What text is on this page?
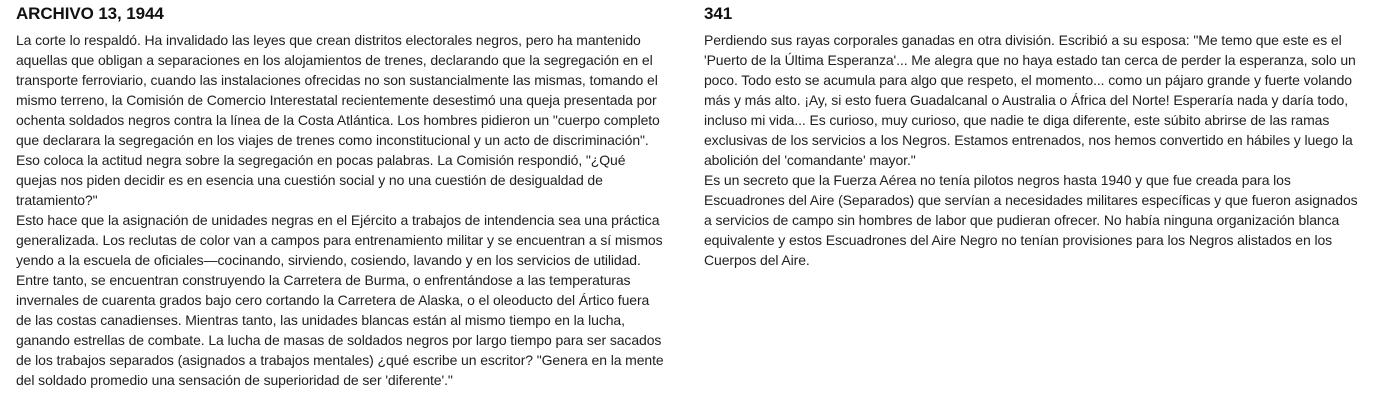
ARCHIVO 13, 1944

La corte lo respaldó. Ha invalidado las leyes que crean distritos electorales negros, pero ha mantenido aquellas que obligan a separaciones en los alojamientos de trenes, declarando que la segregación en el transporte ferroviario, cuando las instalaciones ofrecidas no son sustancialmente las mismas, tomando el mismo terreno, la Comisión de Comercio Interestatal recientemente desestimó una queja presentada por ochenta soldados negros contra la línea de la Costa Atlántica. Los hombres pidieron un "cuerpo completo que declarara la segregación en los viajes de trenes como inconstitucional y un acto de discriminación". Eso coloca la actitud negra sobre la segregación en pocas palabras. La Comisión respondió, "¿Qué quejas nos piden decidir es en esencia una cuestión social y no una cuestión de desigualdad de tratamiento?"

Esto hace que la asignación de unidades negras en el Ejército a trabajos de intendencia sea una práctica generalizada. Los reclutas de color van a campos para entrenamiento militar y se encuentran a sí mismos yendo a la escuela de oficiales—cocinando, sirviendo, cosiendo, lavando y en los servicios de utilidad. Entre tanto, se encuentran construyendo la Carretera de Burma, o enfrentándose a las temperaturas invernales de cuarenta grados bajo cero cortando la Carretera de Alaska, o el oleoducto del Ártico fuera de las costas canadienses. Mientras tanto, las unidades blancas están al mismo tiempo en la lucha, ganando estrellas de combate. La lucha de masas de soldados negros por largo tiempo para ser sacados de los trabajos separados (asignados a trabajos mentales) ¿qué escribe un escritor? "Genera en la mente del soldado promedio una sensación de superioridad de ser 'diferente'."

341

Perdiendo sus rayas corporales ganadas en otra división. Escribió a su esposa: "Me temo que este es el 'Puerto de la Última Esperanza'... Me alegra que no haya estado tan cerca de perder la esperanza, solo un poco. Todo esto se acumula para algo que respeto, el momento... como un pájaro grande y fuerte volando más y más alto. ¡Ay, si esto fuera Guadalcanal o Australia o África del Norte! Esperaría nada y daría todo, incluso mi vida... Es curioso, muy curioso, que nadie te diga diferente, este súbito abrirse de las ramas exclusivas de los servicios a los Negros. Estamos entrenados, nos hemos convertido en hábiles y luego la abolición del 'comandante' mayor."

Es un secreto que la Fuerza Aérea no tenía pilotos negros hasta 1940 y que fue creada para los Escuadrones del Aire (Separados) que servían a necesidades militares específicas y que fueron asignados a servicios de campo sin hombres de labor que pudieran ofrecer. No había ninguna organización blanca equivalente y estos Escuadrones del Aire Negro no tenían provisiones para los Negros alistados en los Cuerpos del Aire.
